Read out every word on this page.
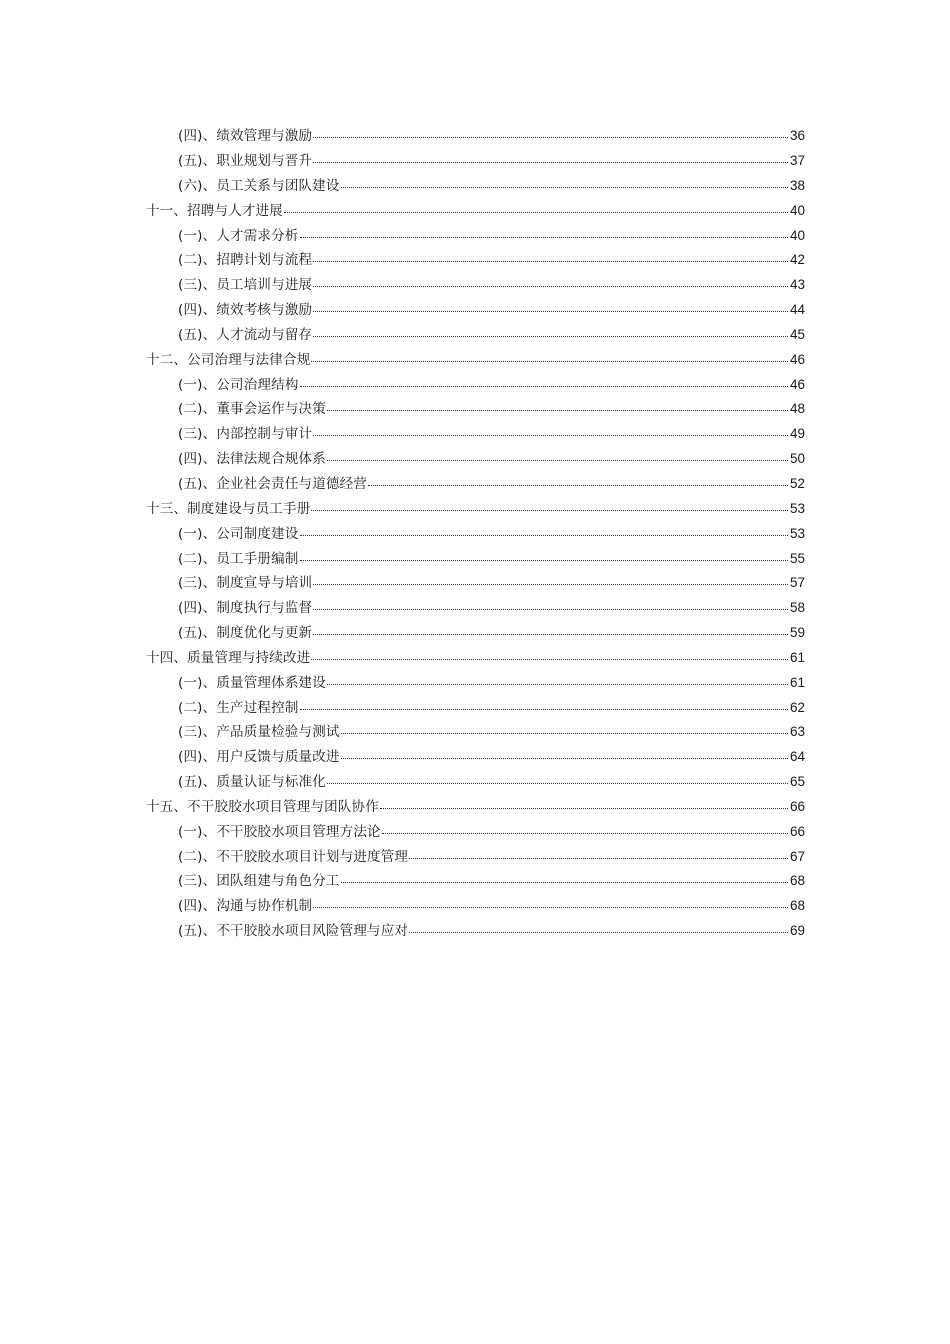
(四)、绩效管理与激励	36
(五)、职业规划与晋升	37
(六)、员工关系与团队建设	38
十一、招聘与人才进展	40
(一)、人才需求分析	40
(二)、招聘计划与流程	42
(三)、员工培训与进展	43
(四)、绩效考核与激励	44
(五)、人才流动与留存	45
十二、公司治理与法律合规	46
(一)、公司治理结构	46
(二)、董事会运作与决策	48
(三)、内部控制与审计	49
(四)、法律法规合规体系	50
(五)、企业社会责任与道德经营	52
十三、制度建设与员工手册	53
(一)、公司制度建设	53
(二)、员工手册编制	55
(三)、制度宣导与培训	57
(四)、制度执行与监督	58
(五)、制度优化与更新	59
十四、质量管理与持续改进	61
(一)、质量管理体系建设	61
(二)、生产过程控制	62
(三)、产品质量检验与测试	63
(四)、用户反馈与质量改进	64
(五)、质量认证与标准化	65
十五、不干胶胶水项目管理与团队协作	66
(一)、不干胶胶水项目管理方法论	66
(二)、不干胶胶水项目计划与进度管理	67
(三)、团队组建与角色分工	68
(四)、沟通与协作机制	68
(五)、不干胶胶水项目风险管理与应对	69
